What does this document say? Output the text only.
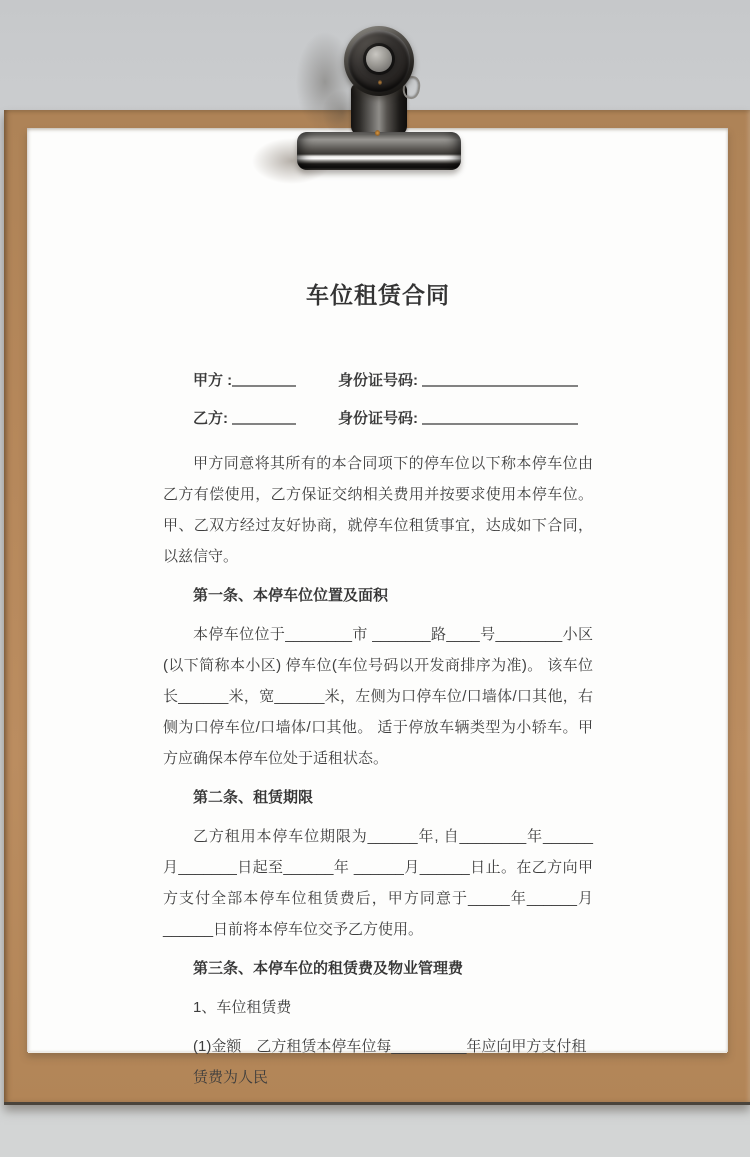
车位租赁合同
甲方 :	身份证号码:
乙方:	身份证号码:

甲方同意将其所有的本合同项下的停车位以下称本停车位由乙方有偿使用，乙方保证交纳相关费用并按要求使用本停车位。甲、乙双方经过友好协商，就停车位租赁事宜，达成如下合同，以兹信守。

第一条、本停车位位置及面积

本停车位位于________市 _______路____号________小区(以下简称本小区) 停车位(车位号码以开发商排序为准)。 该车位长______米，宽______米，左侧为口停车位/口墙体/口其他，右侧为口停车位/口墙体/口其他。 适于停放车辆类型为小轿车。甲方应确保本停车位处于适租状态。

第二条、租赁期限

乙方租用本停车位期限为______年, 自________年______月_______日起至______年 ______月______日止。在乙方向甲方支付全部本停车位租赁费后，甲方同意于_____年______月______日前将本停车位交予乙方使用。

第三条、本停车位的租赁费及物业管理费

1、车位租赁费

(1)金额　乙方租赁本停车位每_________年应向甲方支付租赁费为人民
